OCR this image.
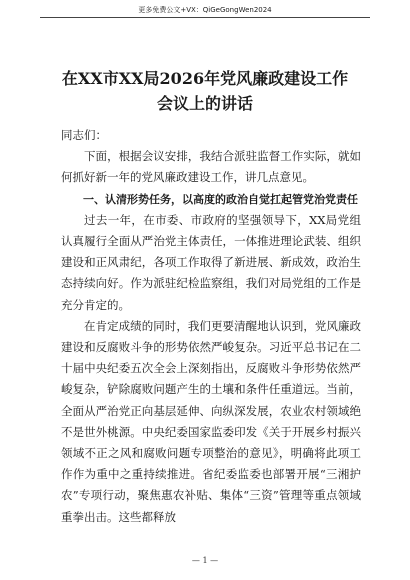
更多免费公文+VX：QiGeGongWen2024
在XX市XX局2026年党风廉政建设工作
会议上的讲话

同志们：

下面，根据会议安排，我结合派驻监督工作实际，就如何抓好新一年的党风廉政建设工作，讲几点意见。

一、认清形势任务，以高度的政治自觉扛起管党治党责任

过去一年，在市委、市政府的坚强领导下，XX局党组认真履行全面从严治党主体责任，一体推进理论武装、组织建设和正风肃纪，各项工作取得了新进展、新成效，政治生态持续向好。作为派驻纪检监察组，我们对局党组的工作是充分肯定的。

在肯定成绩的同时，我们更要清醒地认识到，党风廉政建设和反腐败斗争的形势依然严峻复杂。习近平总书记在二十届中央纪委五次全会上深刻指出，反腐败斗争形势依然严峻复杂，铲除腐败问题产生的土壤和条件任重道远。当前，全面从严治党正向基层延伸、向纵深发展，农业农村领域绝不是世外桃源。中央纪委国家监委印发《关于开展乡村振兴领域不正之风和腐败问题专项整治的意见》，明确将此项工作作为重中之重持续推进。省纪委监委也部署开展“三湘护农”专项行动，聚焦惠农补贴、集体“三资”管理等重点领域重拳出击。这些都释放

— 1 —
